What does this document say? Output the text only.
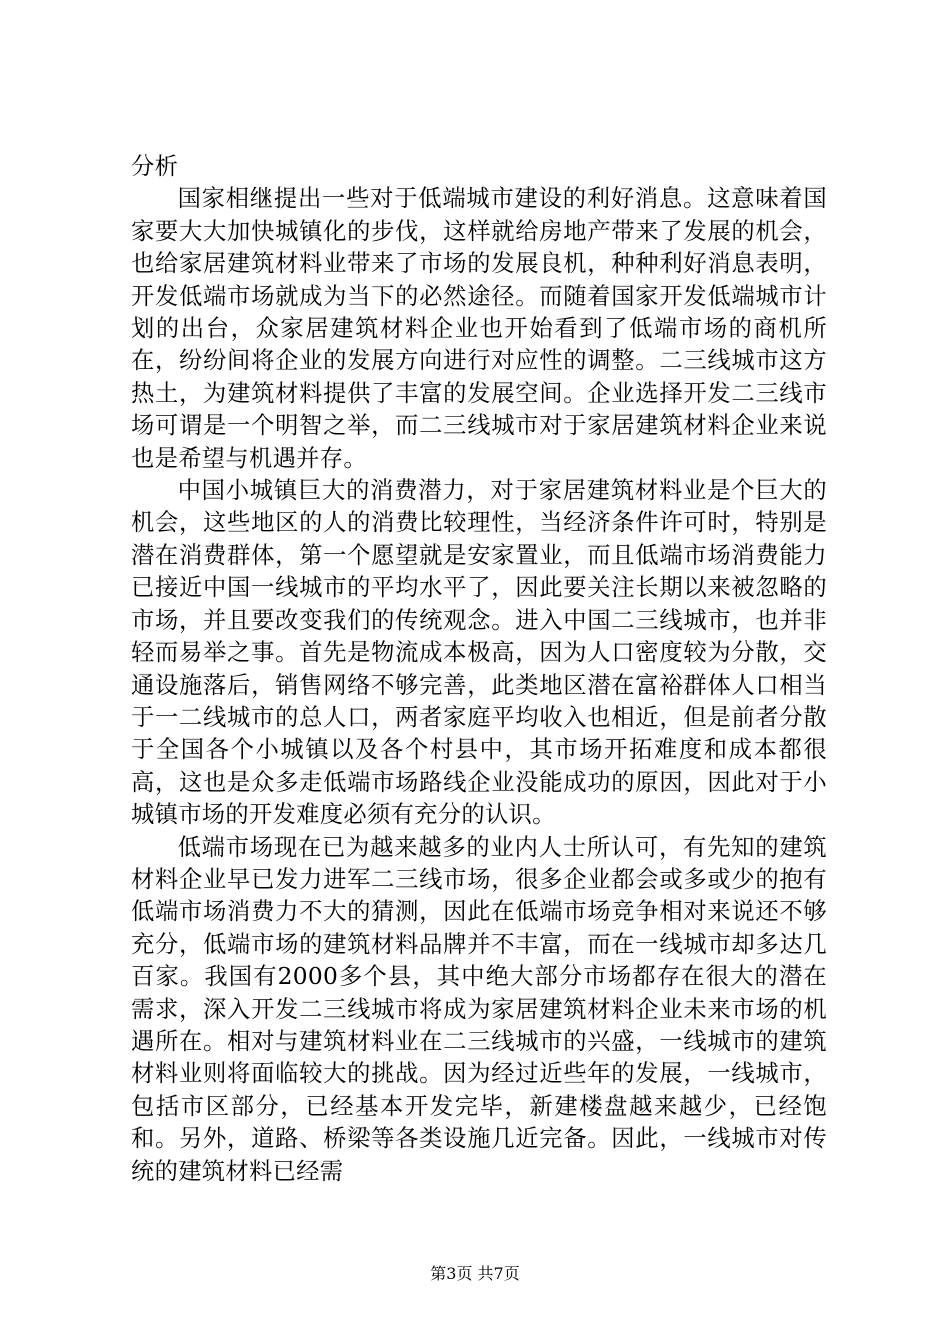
分析

国家相继提出一些对于低端城市建设的利好消息。这意味着国家要大大加快城镇化的步伐，这样就给房地产带来了发展的机会，也给家居建筑材料业带来了市场的发展良机，种种利好消息表明，开发低端市场就成为当下的必然途径。而随着国家开发低端城市计划的出台，众家居建筑材料企业也开始看到了低端市场的商机所在，纷纷间将企业的发展方向进行对应性的调整。二三线城市这方热土，为建筑材料提供了丰富的发展空间。企业选择开发二三线市场可谓是一个明智之举，而二三线城市对于家居建筑材料企业来说也是希望与机遇并存。

中国小城镇巨大的消费潜力，对于家居建筑材料业是个巨大的机会，这些地区的人的消费比较理性，当经济条件许可时，特别是潜在消费群体，第一个愿望就是安家置业，而且低端市场消费能力已接近中国一线城市的平均水平了，因此要关注长期以来被忽略的市场，并且要改变我们的传统观念。进入中国二三线城市，也并非轻而易举之事。首先是物流成本极高，因为人口密度较为分散，交通设施落后，销售网络不够完善，此类地区潜在富裕群体人口相当于一二线城市的总人口，两者家庭平均收入也相近，但是前者分散于全国各个小城镇以及各个村县中，其市场开拓难度和成本都很高，这也是众多走低端市场路线企业没能成功的原因，因此对于小城镇市场的开发难度必须有充分的认识。

低端市场现在已为越来越多的业内人士所认可，有先知的建筑材料企业早已发力进军二三线市场，很多企业都会或多或少的抱有低端市场消费力不大的猜测，因此在低端市场竞争相对来说还不够充分，低端市场的建筑材料品牌并不丰富，而在一线城市却多达几百家。我国有2000多个县，其中绝大部分市场都存在很大的潜在需求，深入开发二三线城市将成为家居建筑材料企业未来市场的机遇所在。相对与建筑材料业在二三线城市的兴盛，一线城市的建筑材料业则将面临较大的挑战。因为经过近些年的发展，一线城市，包括市区部分，已经基本开发完毕，新建楼盘越来越少，已经饱和。另外，道路、桥梁等各类设施几近完备。因此，一线城市对传统的建筑材料已经需

第3页 共7页
